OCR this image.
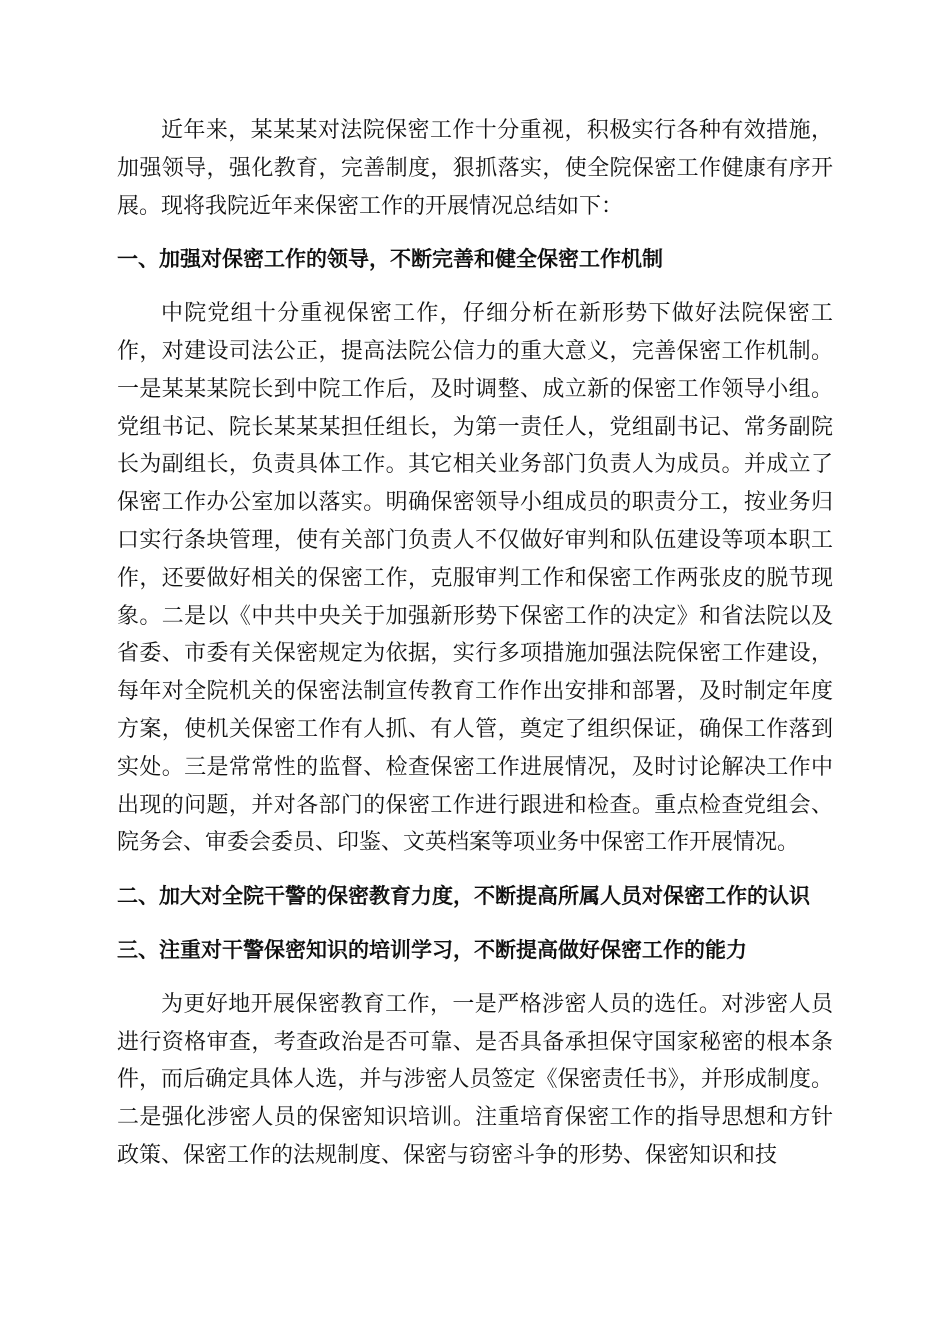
近年来，某某某对法院保密工作十分重视，积极实行各种有效措施，加强领导，强化教育，完善制度，狠抓落实，使全院保密工作健康有序开展。现将我院近年来保密工作的开展情况总结如下：

一、加强对保密工作的领导，不断完善和健全保密工作机制

中院党组十分重视保密工作，仔细分析在新形势下做好法院保密工作，对建设司法公正，提高法院公信力的重大意义，完善保密工作机制。一是某某某院长到中院工作后，及时调整、成立新的保密工作领导小组。党组书记、院长某某某担任组长，为第一责任人，党组副书记、常务副院长为副组长，负责具体工作。其它相关业务部门负责人为成员。并成立了保密工作办公室加以落实。明确保密领导小组成员的职责分工，按业务归口实行条块管理，使有关部门负责人不仅做好审判和队伍建设等项本职工作，还要做好相关的保密工作，克服审判工作和保密工作两张皮的脱节现象。二是以《中共中央关于加强新形势下保密工作的决定》和省法院以及省委、市委有关保密规定为依据，实行多项措施加强法院保密工作建设，每年对全院机关的保密法制宣传教育工作作出安排和部署，及时制定年度方案，使机关保密工作有人抓、有人管，奠定了组织保证，确保工作落到实处。三是常常性的监督、检查保密工作进展情况，及时讨论解决工作中出现的问题，并对各部门的保密工作进行跟进和检查。重点检查党组会、院务会、审委会委员、印鉴、文英档案等项业务中保密工作开展情况。

二、加大对全院干警的保密教育力度，不断提高所属人员对保密工作的认识

三、注重对干警保密知识的培训学习，不断提高做好保密工作的能力

为更好地开展保密教育工作，一是严格涉密人员的选任。对涉密人员进行资格审查，考查政治是否可靠、是否具备承担保守国家秘密的根本条件，而后确定具体人选，并与涉密人员签定《保密责任书》，并形成制度。二是强化涉密人员的保密知识培训。注重培育保密工作的指导思想和方针政策、保密工作的法规制度、保密与窃密斗争的形势、保密知识和技
